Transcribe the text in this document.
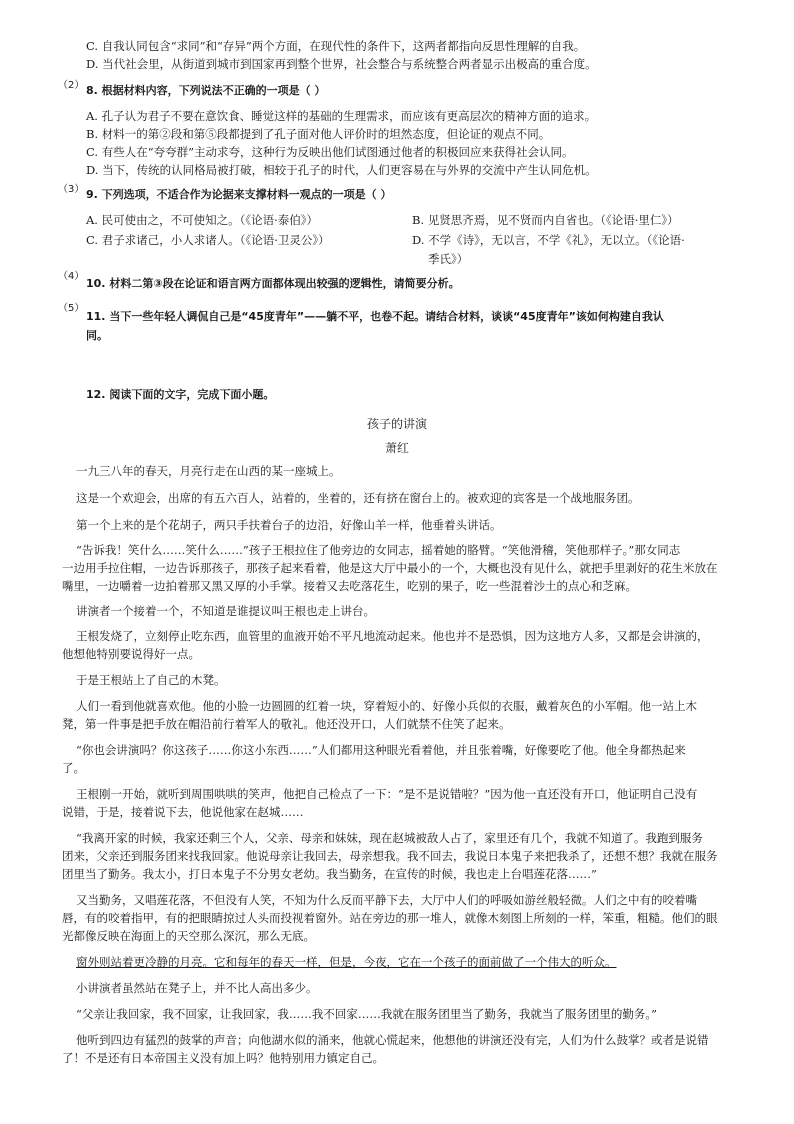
C. 自我认同包含“求同”和“存异”两个方面，在现代性的条件下，这两者都指向反思性理解的自我。
D. 当代社会里，从街道到城市到国家再到整个世界，社会整合与系统整合两者显示出极高的重合度。
（2） 8. 根据材料内容，下列说法不正确的一项是（ ）
A. 孔子认为君子不要在意饮食、睡觉这样的基础的生理需求，而应该有更高层次的精神方面的追求。
B. 材料一的第②段和第⑤段都提到了孔子面对他人评价时的坦然态度，但论证的观点不同。
C. 有些人在“夸夸群”主动求夸，这种行为反映出他们试图通过他者的积极回应来获得社会认同。
D. 当下，传统的认同格局被打破，相较于孔子的时代，人们更容易在与外界的交流中产生认同危机。
（3） 9. 下列选项，不适合作为论据来支撑材料一观点的一项是（ ）
A. 民可使由之，不可使知之。（《论语·泰伯》）	B. 见贤思齐焉，见不贤而内自省也。（《论语·里仁》）
C. 君子求诸己，小人求诸人。（《论语·卫灵公》）	D. 不学《诗》，无以言，不学《礼》，无以立。（《论语·
季氏》）
（4）
10. 材料二第③段在论证和语言两方面都体现出较强的逻辑性，请简要分析。
（5）
11. 当下一些年轻人调侃自己是“45度青年”——躺不平，也卷不起。请结合材料，谈谈“45度青年”该如何构建自我认
同。
12. 阅读下面的文字，完成下面小题。
孩子的讲演
萧红
一九三八年的春天，月亮行走在山西的某一座城上。
这是一个欢迎会，出席的有五六百人，站着的，坐着的，还有挤在窗台上的。被欢迎的宾客是一个战地服务团。
第一个上来的是个花胡子，两只手扶着台子的边沿，好像山羊一样，他垂着头讲话。
“告诉我！笑什么……笑什么……”孩子王根拉住了他旁边的女同志，摇着她的胳臂。“笑他滑稽，笑他那样子。”那女同志
一边用手拉住帽，一边告诉那孩子，那孩子起来看着，他是这大厅中最小的一个，大概也没有见什么，就把手里剥好的花生米放在
嘴里，一边嚼着一边拍着那又黑又厚的小手掌。接着又去吃落花生，吃别的果子，吃一些混着沙土的点心和芝麻。
讲演者一个接着一个，不知道是谁提议叫王根也走上讲台。
王根发烧了，立刻停止吃东西，血管里的血液开始不平凡地流动起来。他也并不是恐惧，因为这地方人多，又都是会讲演的，
他想他特别要说得好一点。
于是王根站上了自己的木凳。
人们一看到他就喜欢他。他的小脸一边圆圆的红着一块，穿着短小的、好像小兵似的衣服，戴着灰色的小军帽。他一站上木
凳，第一件事是把手放在帽沿前行着军人的敬礼。他还没开口，人们就禁不住笑了起来。
“你也会讲演吗？你这孩子……你这小东西……”人们都用这种眼光看着他，并且张着嘴，好像要吃了他。他全身都热起来
了。
王根刚一开始，就听到周围哄哄的笑声，他把自己检点了一下：“是不是说错啦？”因为他一直还没有开口，他证明自己没有
说错，于是，接着说下去，他说他家在赵城……
“我离开家的时候，我家还剩三个人，父亲、母亲和妹妹，现在赵城被敌人占了，家里还有几个，我就不知道了。我跑到服务
团来，父亲还到服务团来找我回家。他说母亲让我回去，母亲想我。我不回去，我说日本鬼子来把我杀了，还想不想？我就在服务
团里当了勤务。我太小，打日本鬼子不分男女老幼。我当勤务，在宣传的时候，我也走上台唱莲花落……”
又当勤务，又唱莲花落，不但没有人笑，不知为什么反而平静下去，大厅中人们的呼吸如游丝般轻微。人们之中有的咬着嘴
唇，有的咬着指甲，有的把眼睛掠过人头而投视着窗外。站在旁边的那一堆人，就像木刻图上所刻的一样，笨重，粗糙。他们的眼
光都像反映在海面上的天空那么深沉，那么无底。
窗外则站着更冷静的月亮。它和每年的春天一样，但是，今夜，它在一个孩子的面前做了一个伟大的听众。
小讲演者虽然站在凳子上，并不比人高出多少。
“父亲让我回家，我不回家，让我回家，我……我不回家……我就在服务团里当了勤务，我就当了服务团里的勤务。”
他听到四边有猛烈的鼓掌的声音；向他湖水似的涌来，他就心慌起来，他想他的讲演还没有完，人们为什么鼓掌？或者是说错
了！不是还有日本帝国主义没有加上吗？他特别用力镇定自己。
